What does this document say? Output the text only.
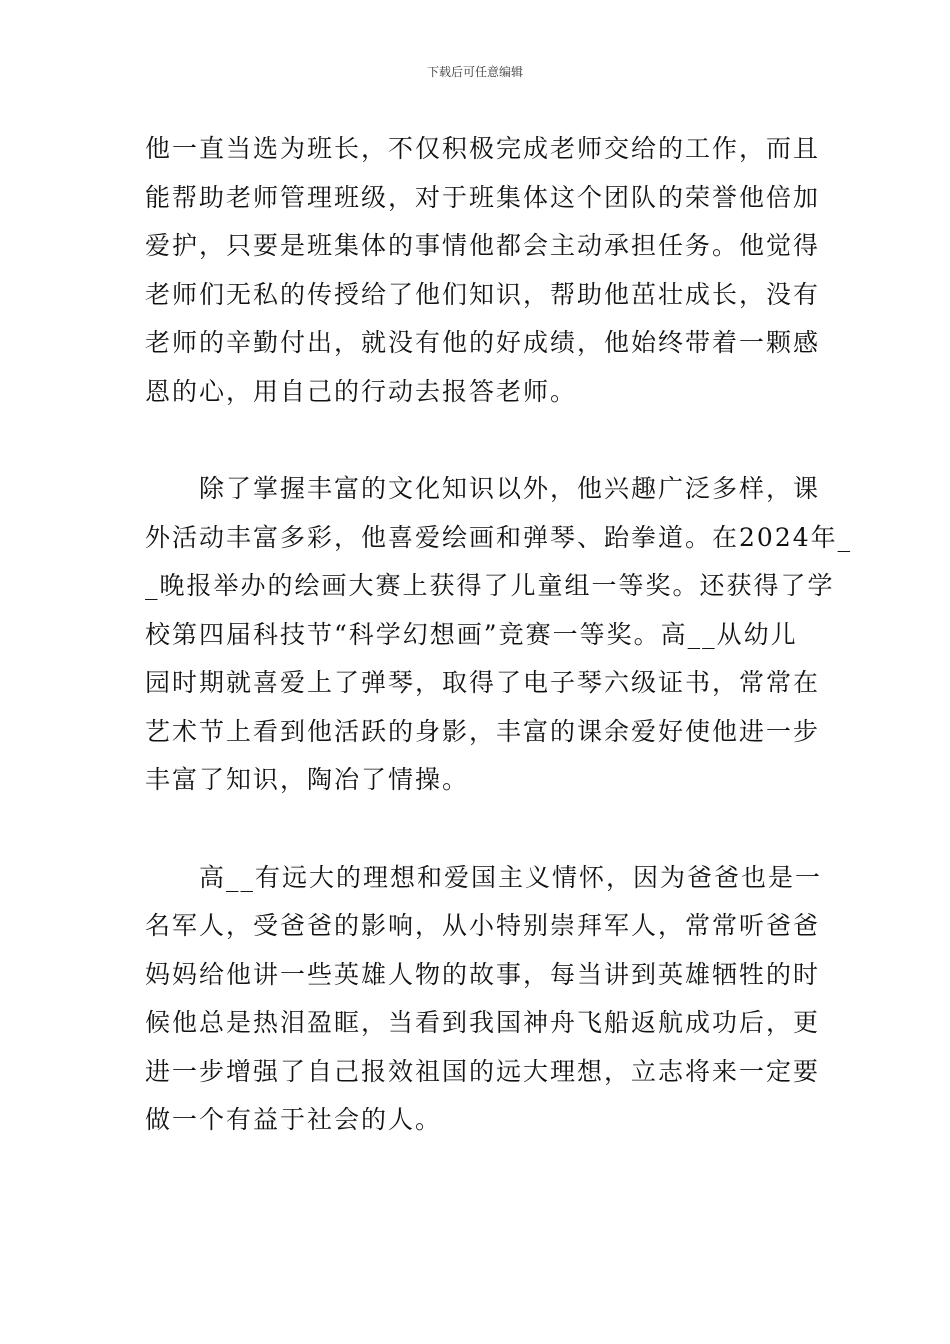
下载后可任意编辑

他一直当选为班长，不仅积极完成老师交给的工作，而且
能帮助老师管理班级，对于班集体这个团队的荣誉他倍加
爱护，只要是班集体的事情他都会主动承担任务。他觉得
老师们无私的传授给了他们知识，帮助他茁壮成长，没有
老师的辛勤付出，就没有他的好成绩，他始终带着一颗感
恩的心，用自己的行动去报答老师。

　　除了掌握丰富的文化知识以外，他兴趣广泛多样，课
外活动丰富多彩，他喜爱绘画和弹琴、跆拳道。在2024年_
_晚报举办的绘画大赛上获得了儿童组一等奖。还获得了学
校第四届科技节“科学幻想画”竞赛一等奖。高__从幼儿
园时期就喜爱上了弹琴，取得了电子琴六级证书，常常在
艺术节上看到他活跃的身影，丰富的课余爱好使他进一步
丰富了知识，陶冶了情操。

　　高__有远大的理想和爱国主义情怀，因为爸爸也是一
名军人，受爸爸的影响，从小特别崇拜军人，常常听爸爸
妈妈给他讲一些英雄人物的故事，每当讲到英雄牺牲的时
候他总是热泪盈眶，当看到我国神舟飞船返航成功后，更
进一步增强了自己报效祖国的远大理想，立志将来一定要
做一个有益于社会的人。
